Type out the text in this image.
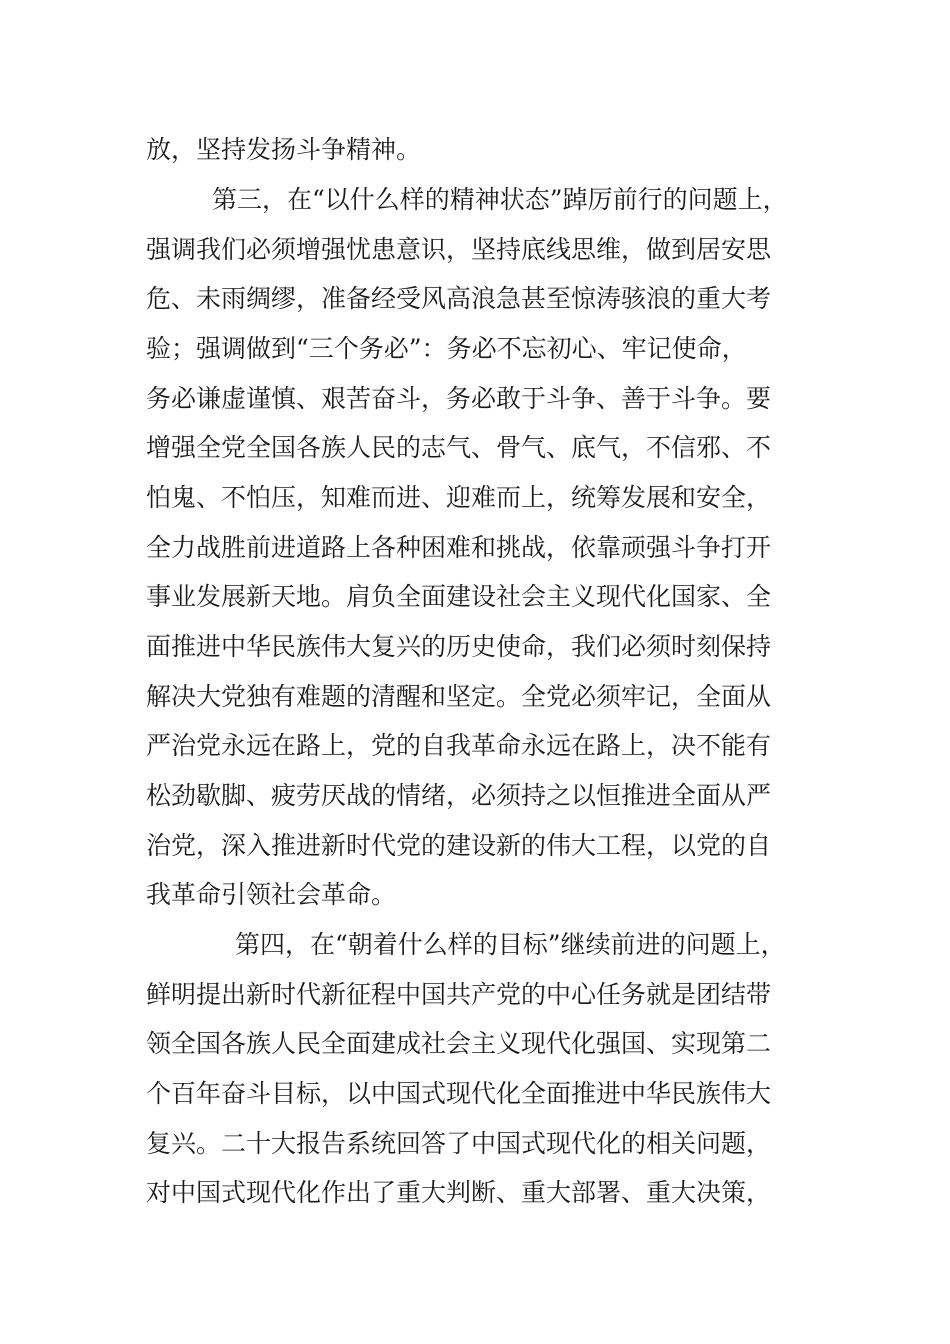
放，坚持发扬斗争精神。
第三，在“以什么样的精神状态”踔厉前行的问题上，
强调我们必须增强忧患意识，坚持底线思维，做到居安思
危、未雨绸缪，准备经受风高浪急甚至惊涛骇浪的重大考
验；强调做到“三个务必”：务必不忘初心、牢记使命，
务必谦虚谨慎、艰苦奋斗，务必敢于斗争、善于斗争。要
增强全党全国各族人民的志气、骨气、底气，不信邪、不
怕鬼、不怕压，知难而进、迎难而上，统筹发展和安全，
全力战胜前进道路上各种困难和挑战，依靠顽强斗争打开
事业发展新天地。肩负全面建设社会主义现代化国家、全
面推进中华民族伟大复兴的历史使命，我们必须时刻保持
解决大党独有难题的清醒和坚定。全党必须牢记，全面从
严治党永远在路上，党的自我革命永远在路上，决不能有
松劲歇脚、疲劳厌战的情绪，必须持之以恒推进全面从严
治党，深入推进新时代党的建设新的伟大工程，以党的自
我革命引领社会革命。
第四，在“朝着什么样的目标”继续前进的问题上，
鲜明提出新时代新征程中国共产党的中心任务就是团结带
领全国各族人民全面建成社会主义现代化强国、实现第二
个百年奋斗目标，以中国式现代化全面推进中华民族伟大
复兴。二十大报告系统回答了中国式现代化的相关问题，
对中国式现代化作出了重大判断、重大部署、重大决策，
